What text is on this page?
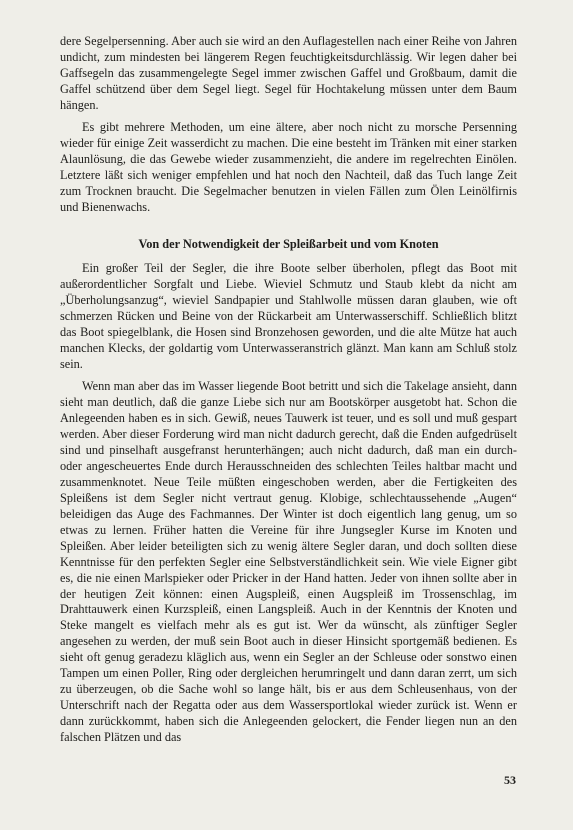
dere Segelpersenning. Aber auch sie wird an den Auflagestellen nach einer Reihe von Jahren undicht, zum mindesten bei längerem Regen feuchtigkeitsdurchlässig. Wir legen daher bei Gaffsegeln das zusammengelegte Segel immer zwischen Gaffel und Großbaum, damit die Gaffel schützend über dem Segel liegt. Segel für Hochtakelung müssen unter dem Baum hängen.

Es gibt mehrere Methoden, um eine ältere, aber noch nicht zu morsche Persenning wieder für einige Zeit wasserdicht zu machen. Die eine besteht im Tränken mit einer starken Alaunlösung, die das Gewebe wieder zusammenzieht, die andere im regelrechten Einölen. Letztere läßt sich weniger empfehlen und hat noch den Nachteil, daß das Tuch lange Zeit zum Trocknen braucht. Die Segelmacher benutzen in vielen Fällen zum Ölen Leinölfirnis und Bienenwachs.

Von der Notwendigkeit der Spleißarbeit und vom Knoten

Ein großer Teil der Segler, die ihre Boote selber überholen, pflegt das Boot mit außerordentlicher Sorgfalt und Liebe. Wieviel Schmutz und Staub klebt da nicht am „Überholungsanzug“, wieviel Sandpapier und Stahlwolle müssen daran glauben, wie oft schmerzen Rücken und Beine von der Rückarbeit am Unterwasserschiff. Schließlich blitzt das Boot spiegelblank, die Hosen sind Bronzehosen geworden, und die alte Mütze hat auch manchen Klecks, der goldartig vom Unterwasseranstrich glänzt. Man kann am Schluß stolz sein.

Wenn man aber das im Wasser liegende Boot betritt und sich die Takelage ansieht, dann sieht man deutlich, daß die ganze Liebe sich nur am Bootskörper ausgetobt hat. Schon die Anlegeenden haben es in sich. Gewiß, neues Tauwerk ist teuer, und es soll und muß gespart werden. Aber dieser Forderung wird man nicht dadurch gerecht, daß die Enden aufgedrüselt sind und pinselhaft ausgefranst herunterhängen; auch nicht dadurch, daß man ein durch- oder angescheuertes Ende durch Herausschneiden des schlechten Teiles haltbar macht und zusammenknotet. Neue Teile müßten eingeschoben werden, aber die Fertigkeiten des Spleißens ist dem Segler nicht vertraut genug. Klobige, schlechtaussehende „Augen“ beleidigen das Auge des Fachmannes. Der Winter ist doch eigentlich lang genug, um so etwas zu lernen. Früher hatten die Vereine für ihre Jungsegler Kurse im Knoten und Spleißen. Aber leider beteiligten sich zu wenig ältere Segler daran, und doch sollten diese Kenntnisse für den perfekten Segler eine Selbstverständlichkeit sein. Wie viele Eigner gibt es, die nie einen Marlspieker oder Pricker in der Hand hatten. Jeder von ihnen sollte aber in der heutigen Zeit können: einen Augspleiß, einen Augspleiß im Trossenschlag, im Drahttauwerk einen Kurzspleiß, einen Langspleiß. Auch in der Kenntnis der Knoten und Steke mangelt es vielfach mehr als es gut ist. Wer da wünscht, als zünftiger Segler angesehen zu werden, der muß sein Boot auch in dieser Hinsicht sportgemäß bedienen. Es sieht oft genug geradezu kläglich aus, wenn ein Segler an der Schleuse oder sonstwo einen Tampen um einen Poller, Ring oder dergleichen herumringelt und dann daran zerrt, um sich zu überzeugen, ob die Sache wohl so lange hält, bis er aus dem Schleusenhaus, von der Unterschrift nach der Regatta oder aus dem Wassersportlokal wieder zurück ist. Wenn er dann zurückkommt, haben sich die Anlegeenden gelockert, die Fender liegen nun an den falschen Plätzen und das

53
